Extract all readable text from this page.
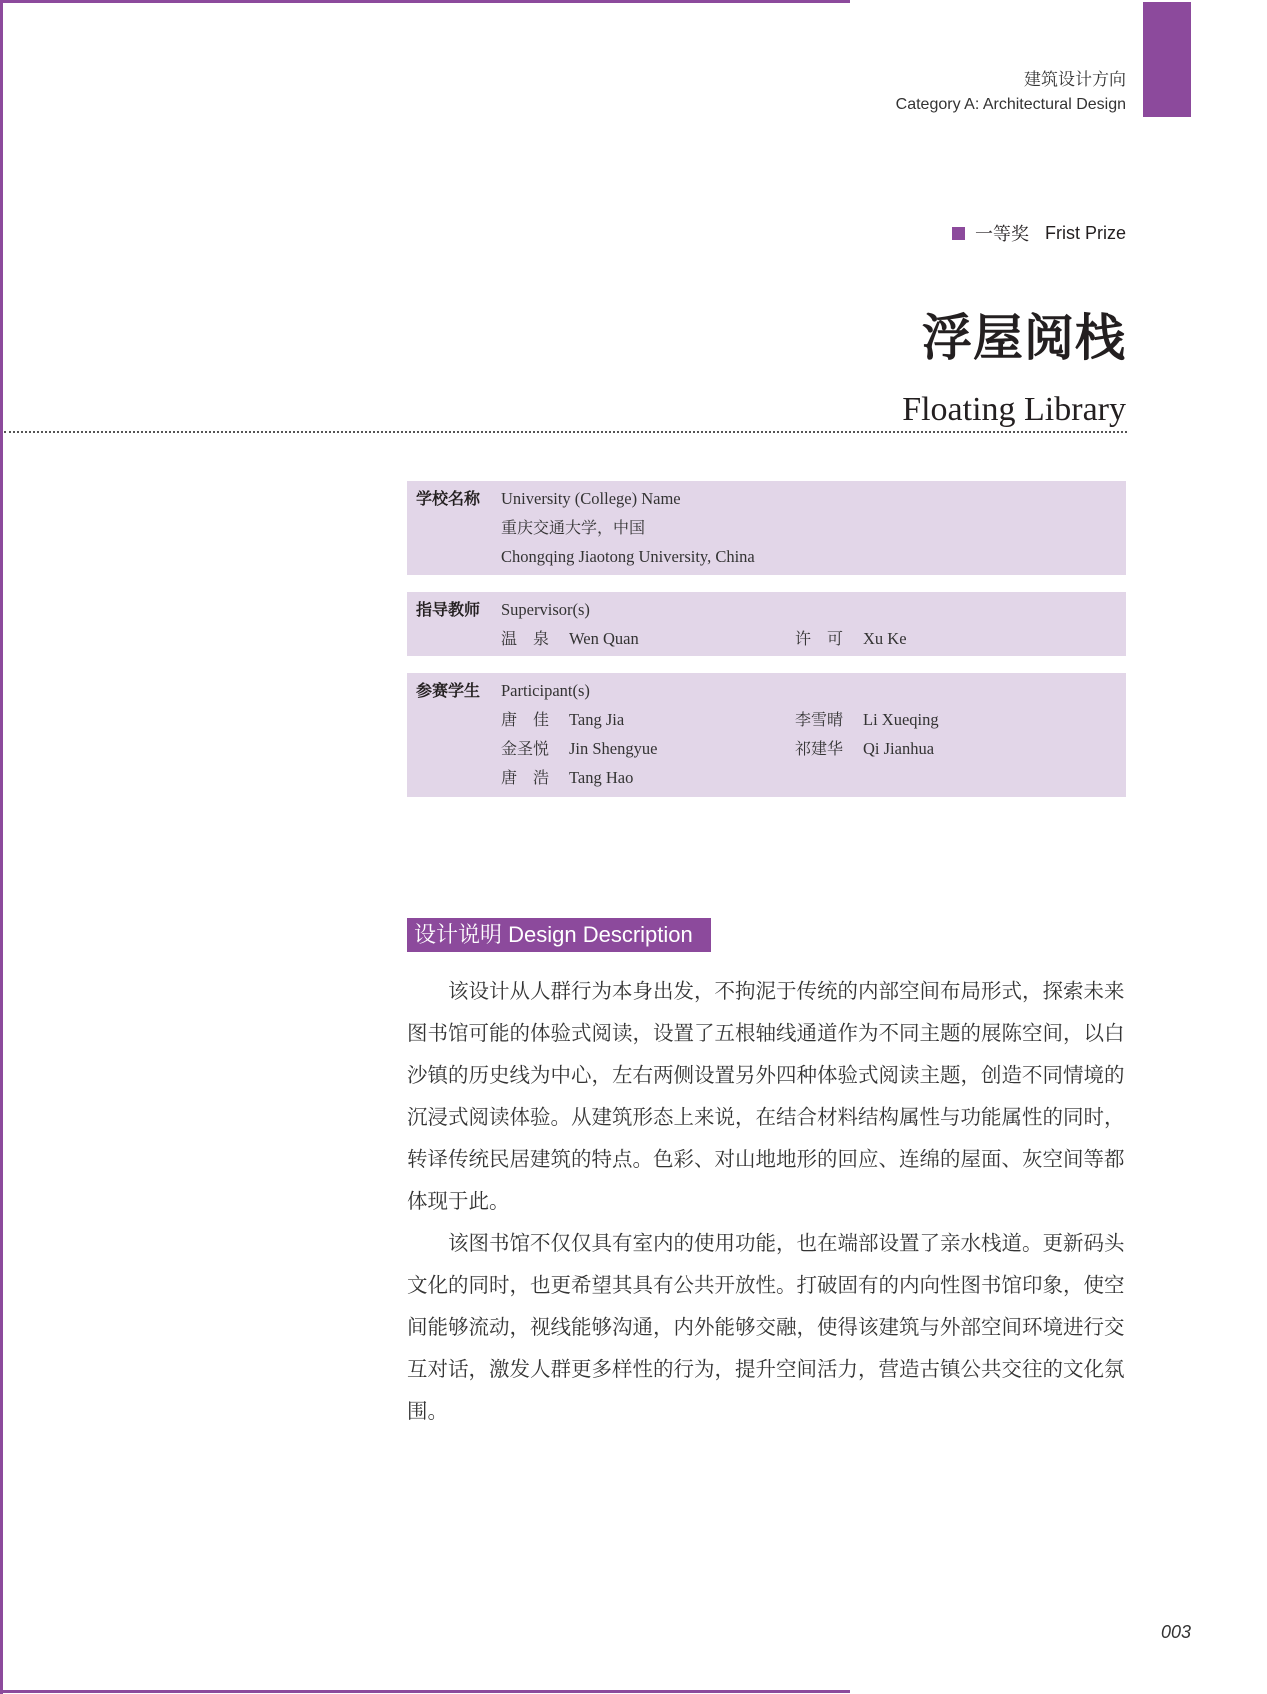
建筑设计方向
Category A: Architectural Design
一等奖 Frist Prize
浮屋阅栈
Floating Library
学校名称 University (College) Name
重庆交通大学，中国
Chongqing Jiaotong University, China
指导教师 Supervisor(s)
温　泉 Wen Quan	许　可 Xu Ke
参赛学生 Participant(s)
唐　佳 Tang Jia	李雪晴 Li Xueqing
金圣悦 Jin Shengyue	祁建华 Qi Jianhua
唐　浩 Tang Hao
设计说明 Design Description

该设计从人群行为本身出发，不拘泥于传统的内部空间布局形式，探索未来图书馆可能的体验式阅读，设置了五根轴线通道作为不同主题的展陈空间，以白沙镇的历史线为中心，左右两侧设置另外四种体验式阅读主题，创造不同情境的沉浸式阅读体验。从建筑形态上来说，在结合材料结构属性与功能属性的同时，转译传统民居建筑的特点。色彩、对山地地形的回应、连绵的屋面、灰空间等都体现于此。

该图书馆不仅仅具有室内的使用功能，也在端部设置了亲水栈道。更新码头文化的同时，也更希望其具有公共开放性。打破固有的内向性图书馆印象，使空间能够流动，视线能够沟通，内外能够交融，使得该建筑与外部空间环境进行交互对话，激发人群更多样性的行为，提升空间活力，营造古镇公共交往的文化氛围。

003
